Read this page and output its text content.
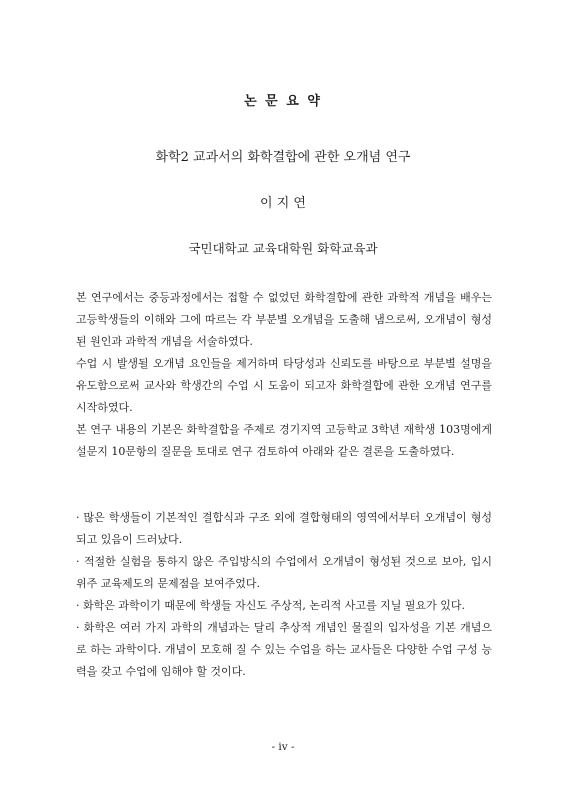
논 문 요 약
화학2 교과서의 화학결합에 관한 오개념 연구
이 지 연
국민대학교 교육대학원 화학교육과

본 연구에서는 중등과정에서는 접할 수 없었던 화학결합에 관한 과학적 개념을 배우는 고등학생들의 이해와 그에 따르는 각 부분별 오개념을 도출해 냄으로써, 오개념이 형성된 원인과 과학적 개념을 서술하였다.

수업 시 발생될 오개념 요인들을 제거하며 타당성과 신뢰도를 바탕으로 부분별 설명을 유도함으로써 교사와 학생간의 수업 시 도움이 되고자 화학결합에 관한 오개념 연구를 시작하였다.

본 연구 내용의 기본은 화학결합을 주제로 경기지역 고등학교 3학년 재학생 103명에게 설문지 10문항의 질문을 토대로 연구 검토하여 아래와 같은 결론을 도출하였다.

· 많은 학생들이 기본적인 결합식과 구조 외에 결합형태의 영역에서부터 오개념이 형성되고 있음이 드러났다.

· 적절한 실험을 통하지 않은 주입방식의 수업에서 오개념이 형성된 것으로 보아, 입시위주 교육제도의 문제점을 보여주었다.

· 화학은 과학이기 때문에 학생들 자신도 주상적, 논리적 사고를 지닐 필요가 있다.

· 화학은 여러 가지 과학의 개념과는 달리 추상적 개념인 물질의 입자성을 기본 개념으로 하는 과학이다. 개념이 모호해 질 수 있는 수업을 하는 교사들은 다양한 수업 구성 능력을 갖고 수업에 임해야 할 것이다.

- iv -
